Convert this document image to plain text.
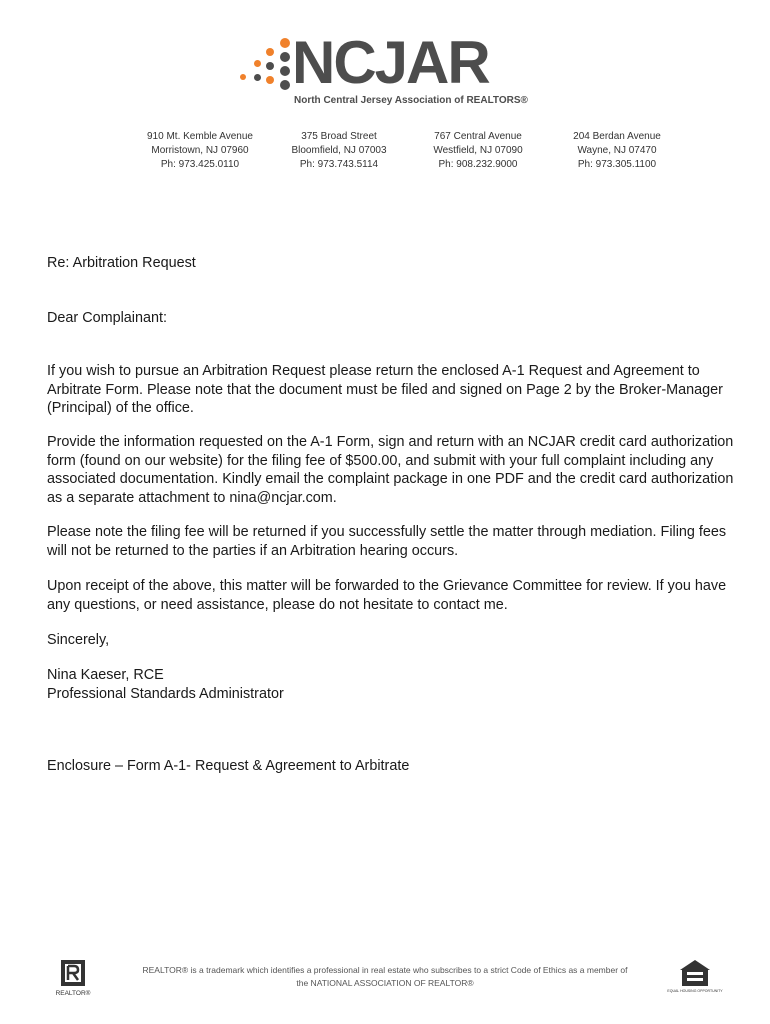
NCJAR
North Central Jersey Association of REALTORS®
910 Mt. Kemble Avenue
Morristown, NJ 07960
Ph: 973.425.0110
375 Broad Street
Bloomfield, NJ 07003
Ph: 973.743.5114
767 Central Avenue
Westfield, NJ 07090
Ph: 908.232.9000
204 Berdan Avenue
Wayne, NJ 07470
Ph: 973.305.1100

Re: Arbitration Request

Dear Complainant:

If you wish to pursue an Arbitration Request please return the enclosed A-1 Request and Agreement to Arbitrate Form. Please note that the document must be filed and signed on Page 2 by the Broker-Manager (Principal) of the office.

Provide the information requested on the A-1 Form, sign and return with an NCJAR credit card authorization form (found on our website) for the filing fee of $500.00, and submit with your full complaint including any associated documentation. Kindly email the complaint package in one PDF and the credit card authorization as a separate attachment to nina@ncjar.com.

Please note the filing fee will be returned if you successfully settle the matter through mediation. Filing fees will not be returned to the parties if an Arbitration hearing occurs.

Upon receipt of the above, this matter will be forwarded to the Grievance Committee for review. If you have any questions, or need assistance, please do not hesitate to contact me.

Sincerely,

Nina Kaeser, RCE

Professional Standards Administrator

Enclosure – Form A-1- Request & Agreement to Arbitrate

REALTOR®
REALTOR® is a trademark which identifies a professional in real estate who subscribes to a strict Code of Ethics as a member of
the NATIONAL ASSOCIATION OF REALTOR®
EQUAL HOUSING OPPORTUNITY
